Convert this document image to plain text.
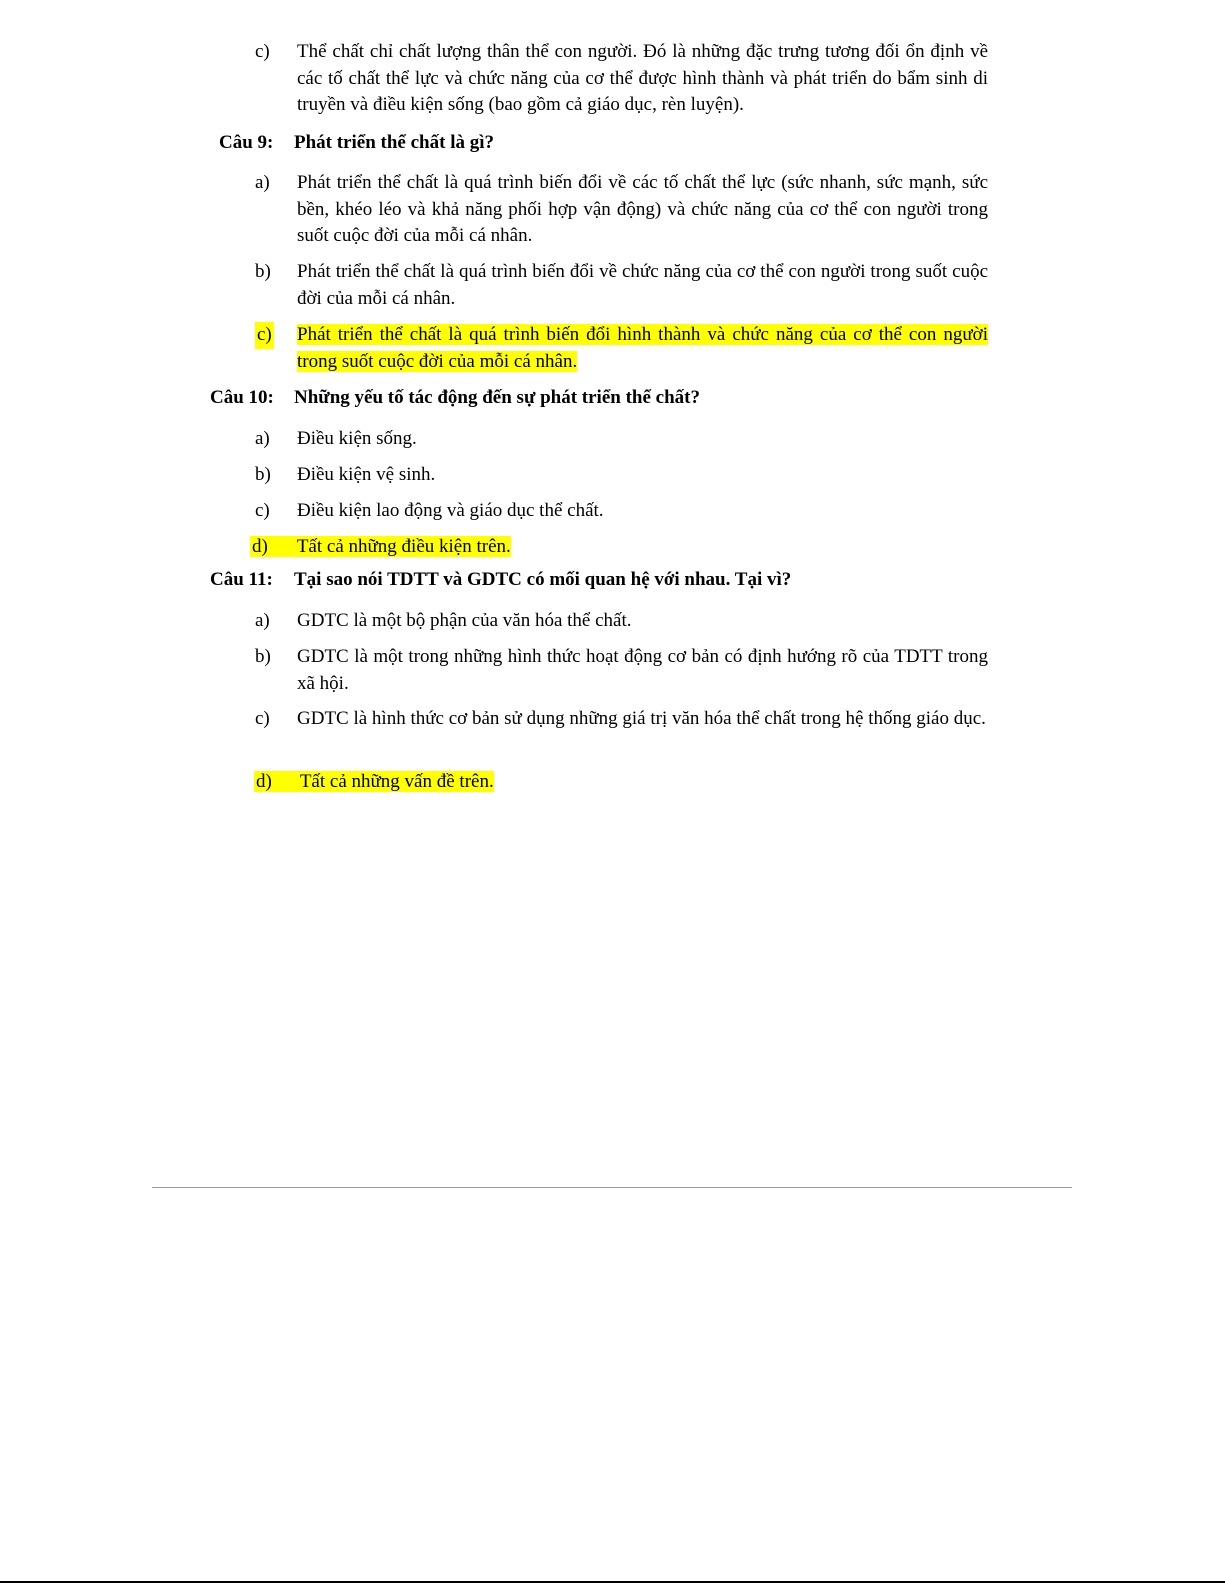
c) Thể chất chỉ chất lượng thân thể con người. Đó là những đặc trưng tương đối ổn định về các tố chất thể lực và chức năng của cơ thể được hình thành và phát triển do bẩm sinh di truyền và điều kiện sống (bao gồm cả giáo dục, rèn luyện).
Câu 9: Phát triển thể chất là gì?
a) Phát triển thể chất là quá trình biến đổi về các tố chất thể lực (sức nhanh, sức mạnh, sức bền, khéo léo và khả năng phối hợp vận động) và chức năng của cơ thể con người trong suốt cuộc đời của mỗi cá nhân.
b) Phát triển thể chất là quá trình biến đổi về chức năng của cơ thể con người trong suốt cuộc đời của mỗi cá nhân.
c) Phát triển thể chất là quá trình biến đổi hình thành và chức năng của cơ thể con người trong suốt cuộc đời của mỗi cá nhân.
Câu 10: Những yếu tố tác động đến sự phát triển thể chất?
a) Điều kiện sống.
b) Điều kiện vệ sinh.
c) Điều kiện lao động và giáo dục thể chất.
d) Tất cả những điều kiện trên.
Câu 11: Tại sao nói TDTT và GDTC có mối quan hệ với nhau. Tại vì?
a) GDTC là một bộ phận của văn hóa thể chất.
b) GDTC là một trong những hình thức hoạt động cơ bản có định hướng rõ của TDTT trong xã hội.
c) GDTC là hình thức cơ bản sử dụng những giá trị văn hóa thể chất trong hệ thống giáo dục.
d) Tất cả những vấn đề trên.
